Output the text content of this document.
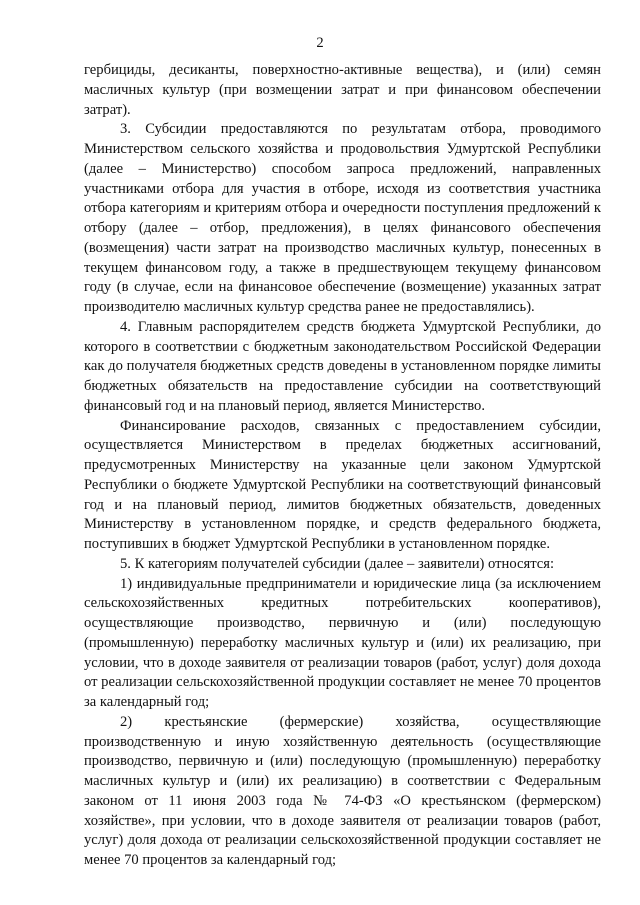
2

гербициды, десиканты, поверхностно-активные вещества), и (или) семян масличных культур (при возмещении затрат и при финансовом обеспечении затрат).

3. Субсидии предоставляются по результатам отбора, проводимого Министерством сельского хозяйства и продовольствия Удмуртской Республики (далее – Министерство) способом запроса предложений, направленных участниками отбора для участия в отборе, исходя из соответствия участника отбора категориям и критериям отбора и очередности поступления предложений к отбору (далее – отбор, предложения), в целях финансового обеспечения (возмещения) части затрат на производство масличных культур, понесенных в текущем финансовом году, а также в предшествующем текущему финансовом году (в случае, если на финансовое обеспечение (возмещение) указанных затрат производителю масличных культур средства ранее не предоставлялись).

4. Главным распорядителем средств бюджета Удмуртской Республики, до которого в соответствии с бюджетным законодательством Российской Федерации как до получателя бюджетных средств доведены в установленном порядке лимиты бюджетных обязательств на предоставление субсидии на соответствующий финансовый год и на плановый период, является Министерство.

Финансирование расходов, связанных с предоставлением субсидии, осуществляется Министерством в пределах бюджетных ассигнований, предусмотренных Министерству на указанные цели законом Удмуртской Республики о бюджете Удмуртской Республики на соответствующий финансовый год и на плановый период, лимитов бюджетных обязательств, доведенных Министерству в установленном порядке, и средств федерального бюджета, поступивших в бюджет Удмуртской Республики в установленном порядке.

5. К категориям получателей субсидии (далее – заявители) относятся:

1) индивидуальные предприниматели и юридические лица (за исключением сельскохозяйственных кредитных потребительских кооперативов), осуществляющие производство, первичную и (или) последующую (промышленную) переработку масличных культур и (или) их реализацию, при условии, что в доходе заявителя от реализации товаров (работ, услуг) доля дохода от реализации сельскохозяйственной продукции составляет не менее 70 процентов за календарный год;

2) крестьянские (фермерские) хозяйства, осуществляющие производственную и иную хозяйственную деятельность (осуществляющие производство, первичную и (или) последующую (промышленную) переработку масличных культур и (или) их реализацию) в соответствии с Федеральным законом от 11 июня 2003 года № 74-ФЗ «О крестьянском (фермерском) хозяйстве», при условии, что в доходе заявителя от реализации товаров (работ, услуг) доля дохода от реализации сельскохозяйственной продукции составляет не менее 70 процентов за календарный год;
